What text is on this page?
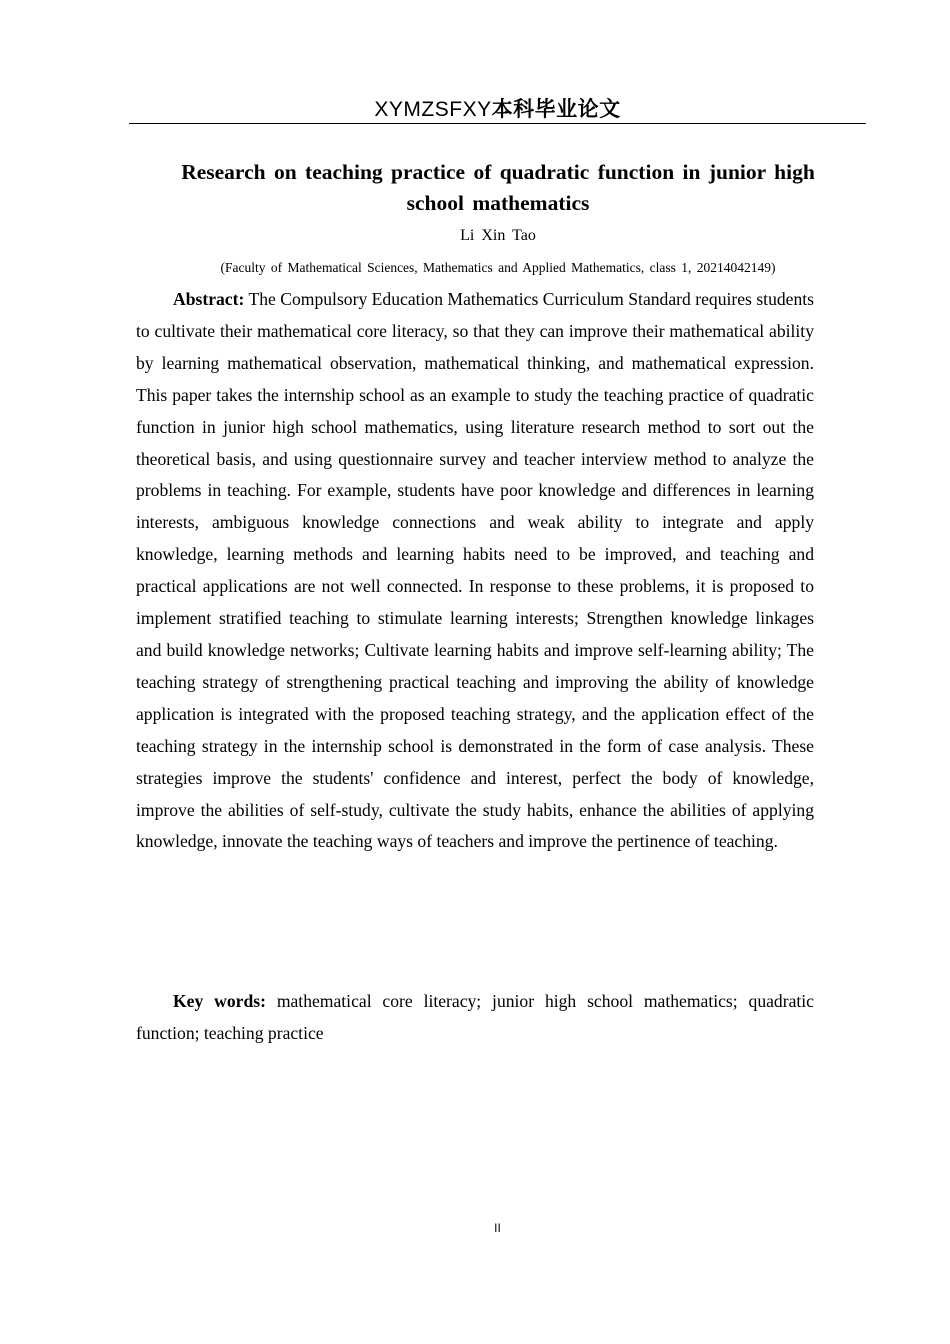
XYMZSFXY本科毕业论文
Research on teaching practice of quadratic function in junior high school mathematics
Li Xin Tao
(Faculty of Mathematical Sciences, Mathematics and Applied Mathematics, class 1, 20214042149)

Abstract: The Compulsory Education Mathematics Curriculum Standard requires students to cultivate their mathematical core literacy, so that they can improve their mathematical ability by learning mathematical observation, mathematical thinking, and mathematical expression. This paper takes the internship school as an example to study the teaching practice of quadratic function in junior high school mathematics, using literature research method to sort out the theoretical basis, and using questionnaire survey and teacher interview method to analyze the problems in teaching. For example, students have poor knowledge and differences in learning interests, ambiguous knowledge connections and weak ability to integrate and apply knowledge, learning methods and learning habits need to be improved, and teaching and practical applications are not well connected. In response to these problems, it is proposed to implement stratified teaching to stimulate learning interests; Strengthen knowledge linkages and build knowledge networks; Cultivate learning habits and improve self-learning ability; The teaching strategy of strengthening practical teaching and improving the ability of knowledge application is integrated with the proposed teaching strategy, and the application effect of the teaching strategy in the internship school is demonstrated in the form of case analysis. These strategies improve the students' confidence and interest, perfect the body of knowledge, improve the abilities of self-study, cultivate the study habits, enhance the abilities of applying knowledge, innovate the teaching ways of teachers and improve the pertinence of teaching.

Key words: mathematical core literacy; junior high school mathematics; quadratic function; teaching practice

II
